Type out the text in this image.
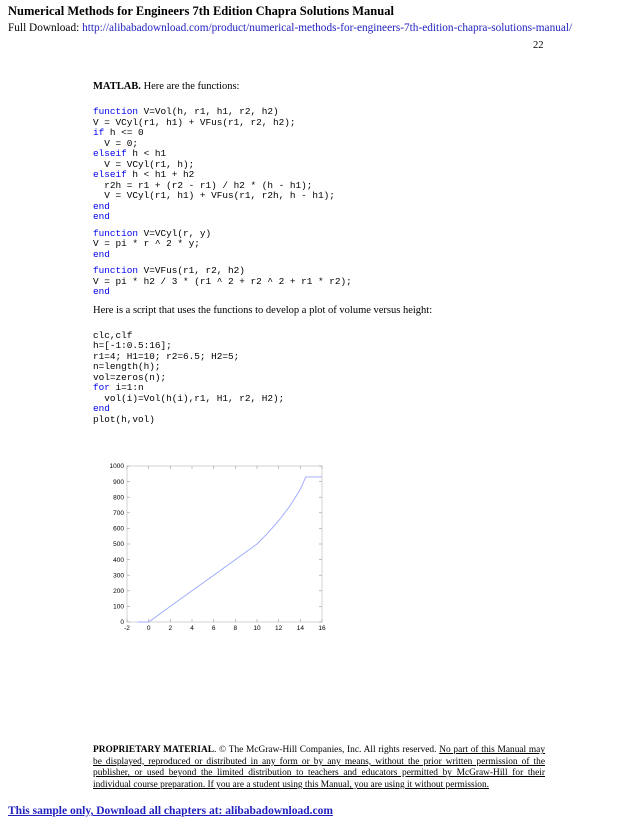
Numerical Methods for Engineers 7th Edition Chapra Solutions Manual
Full Download: http://alibabadownload.com/product/numerical-methods-for-engineers-7th-edition-chapra-solutions-manual/
22

MATLAB. Here are the functions:

function V=Vol(h, r1, h1, r2, h2)
V = VCyl(r1, h1) + VFus(r1, r2, h2);
if h <= 0
V = 0;
elseif h < h1
V = VCyl(r1, h);
elseif h < h1 + h2
r2h = r1 + (r2 - r1) / h2 * (h - h1);
V = VCyl(r1, h1) + VFus(r1, r2h, h - h1);
end
end
function V=VCyl(r, y)
V = pi * r ^ 2 * y;
end
function V=VFus(r1, r2, h2)
V = pi * h2 / 3 * (r1 ^ 2 + r2 ^ 2 + r1 * r2);
end

Here is a script that uses the functions to develop a plot of volume versus height:

clc,clf
h=[-1:0.5:16];
r1=4; H1=10; r2=6.5; H2=5;
n=length(h);
vol=zeros(n);
for i=1:n
vol(i)=Vol(h(i),r1, H1, r2, H2);
end
plot(h,vol)
0
100
200
300
400
500
600
700
800
900
1000
-2	0	2	4	6	8 10 12 14 16
PROPRIETARY MATERIAL. © The McGraw-Hill Companies, Inc. All rights reserved. No part of this Manual may be displayed, reproduced or distributed in any form or by any means, without the prior written permission of the publisher, or used beyond the limited distribution to teachers and educators permitted by McGraw-Hill for their individual course preparation. If you are a student using this Manual, you are using it without permission.
This sample only, Download all chapters at: alibabadownload.com
